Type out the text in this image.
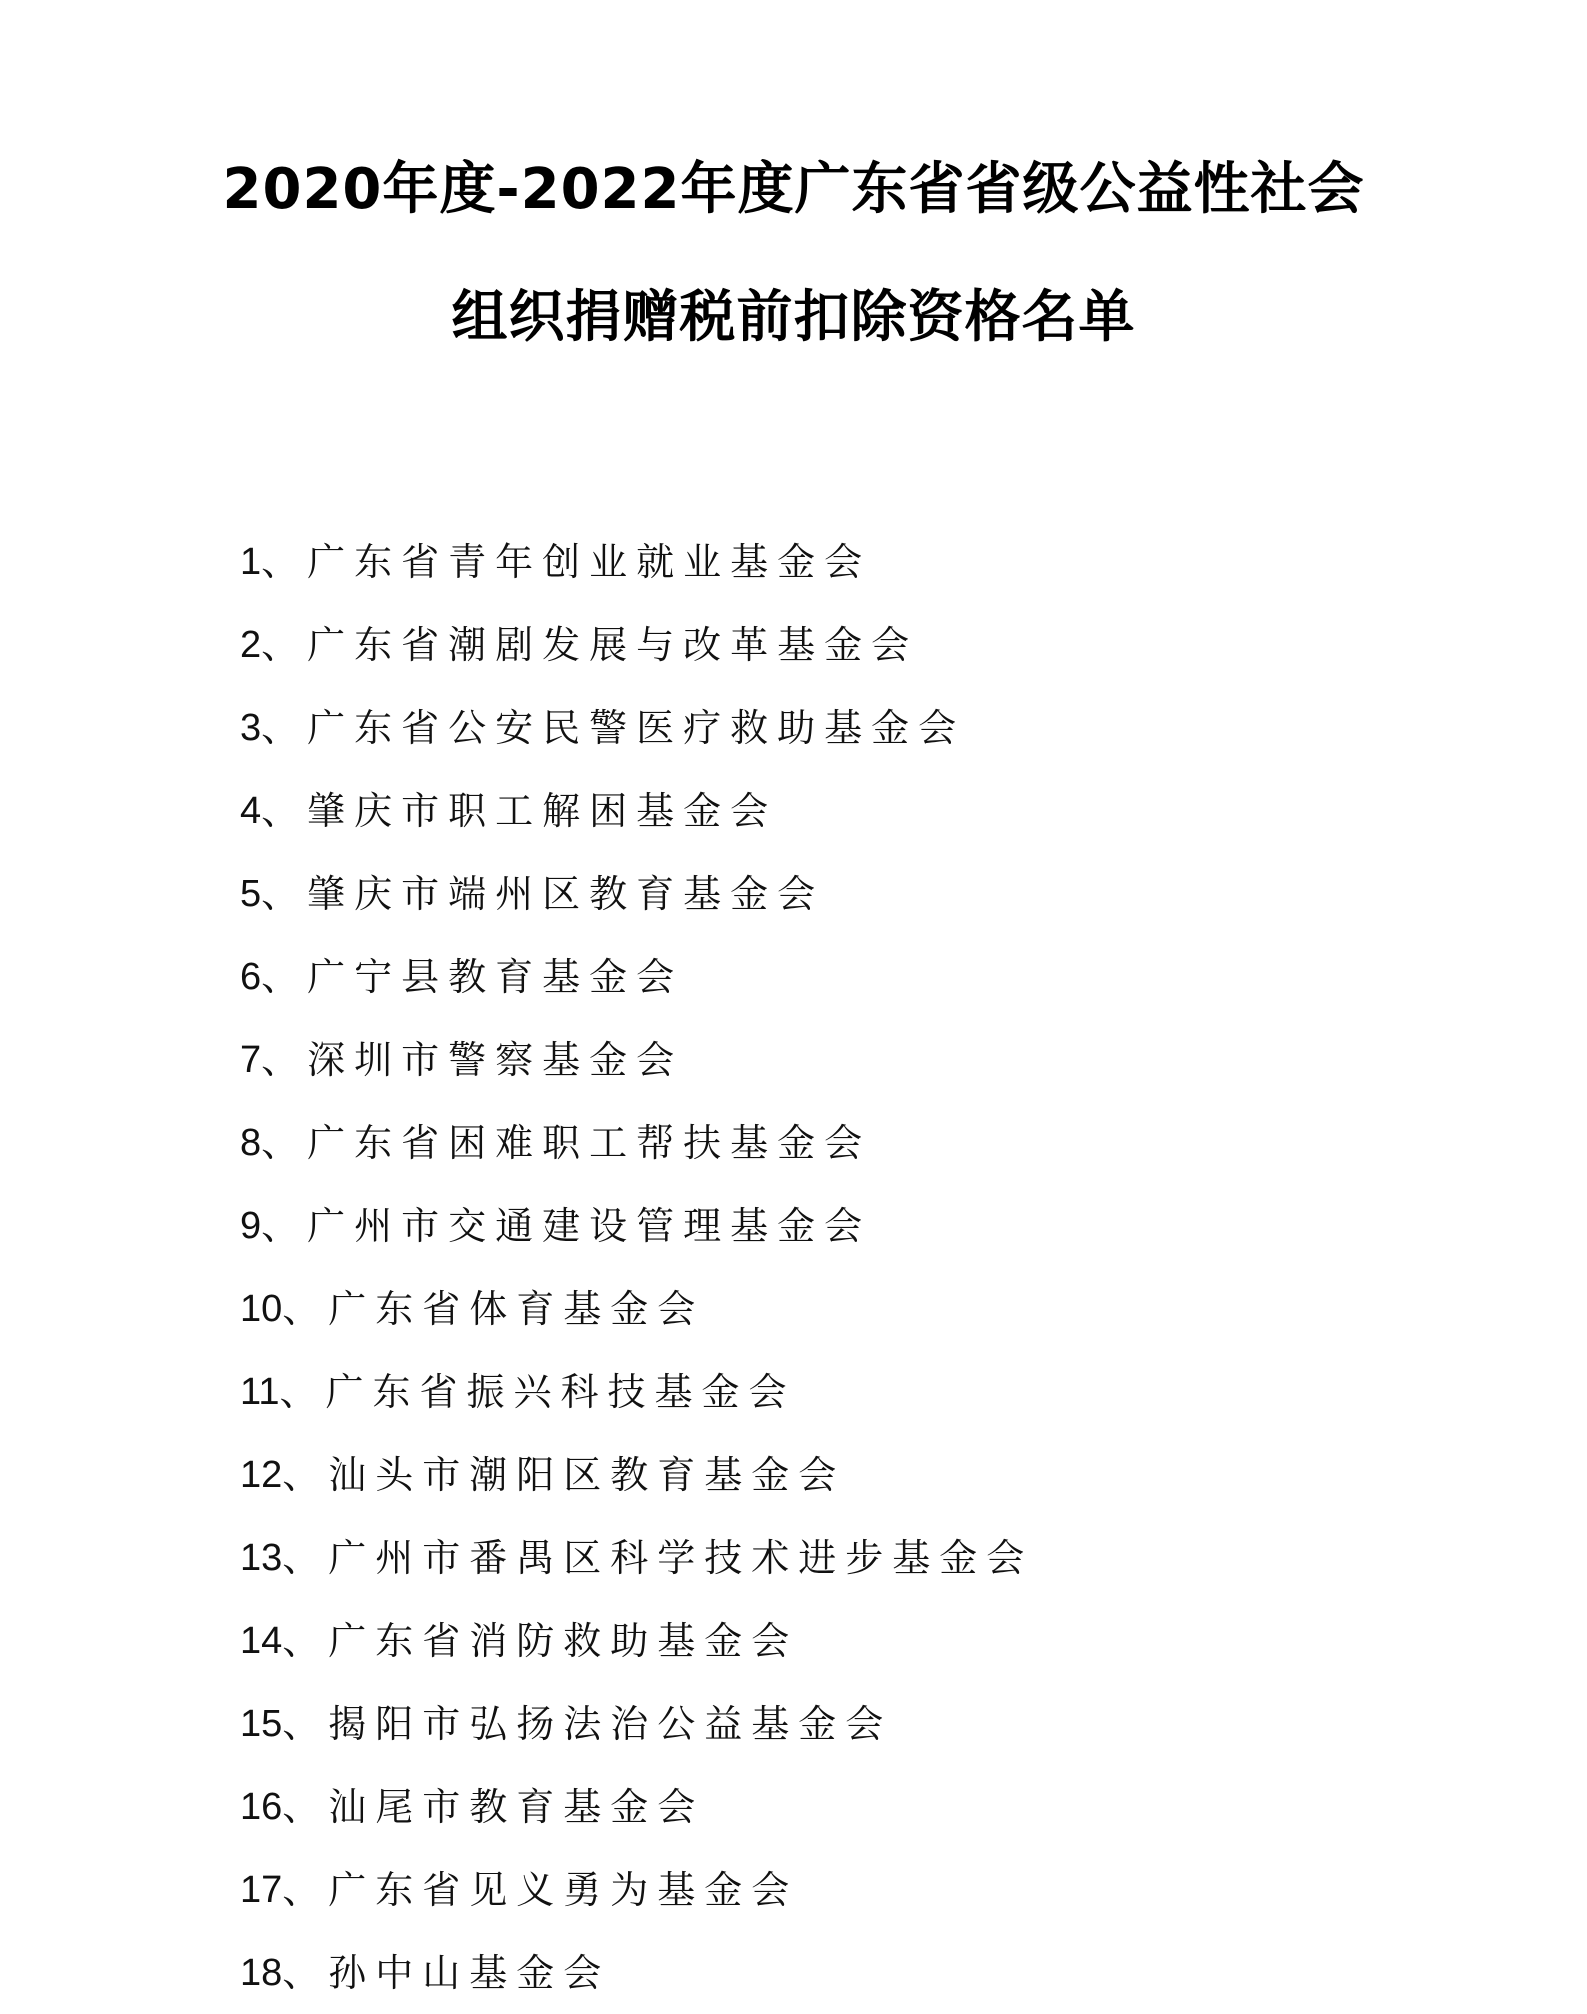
2020年度-2022年度广东省省级公益性社会
组织捐赠税前扣除资格名单
1 、 广东省青年创业就业基金会
2 、 广东省潮剧发展与改革基金会
3 、 广东省公安民警医疗救助基金会
4 、 肇庆市职工解困基金会
5 、 肇庆市端州区教育基金会
6 、 广宁县教育基金会
7 、 深圳市警察基金会
8 、 广东省困难职工帮扶基金会
9 、 广州市交通建设管理基金会
10 、 广东省体育基金会
11 、 广东省振兴科技基金会
12 、 汕头市潮阳区教育基金会
13 、 广州市番禺区科学技术进步基金会
14 、 广东省消防救助基金会
15 、 揭阳市弘扬法治公益基金会
16 、 汕尾市教育基金会
17 、 广东省见义勇为基金会
18 、 孙中山基金会
